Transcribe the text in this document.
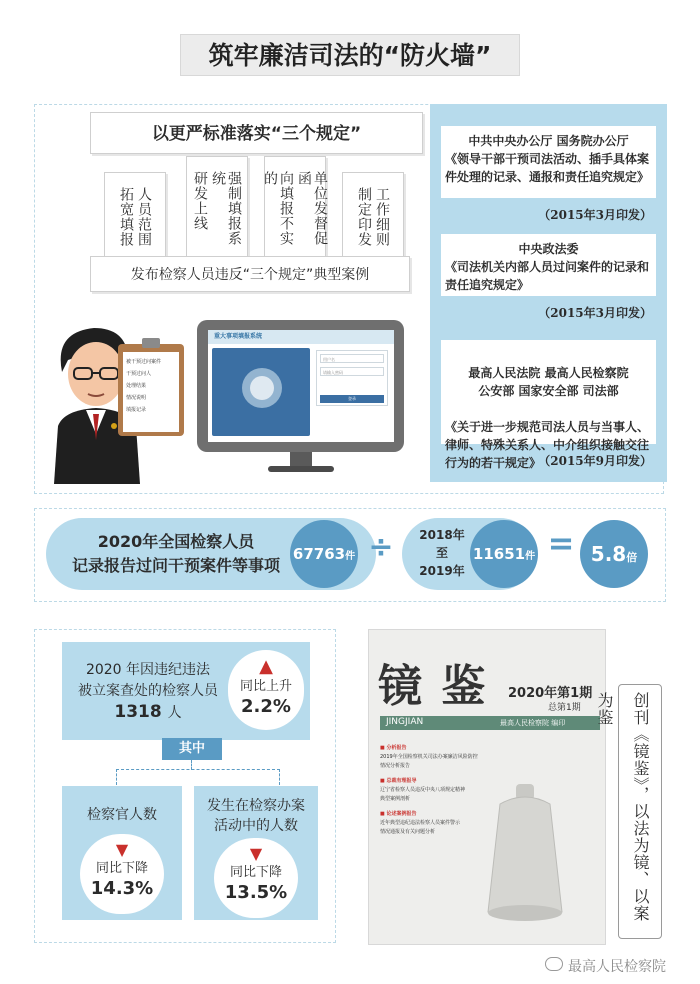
筑牢廉洁司法的“防火墙”
以更严标准落实“三个规定”
人员范围
拓宽填报	强制填报系统
研发上线	单位发督促函
向填报不实的
工作细则
制定印发
发布检察人员违反“三个规定”典型案例
中共中央办公厅 国务院办公厅
《领导干部干预司法活动、插手具体案件处理的记录、通报和责任追究规定》
（2015年3月印发）
中央政法委
《司法机关内部人员过问案件的记录和责任追究规定》
（2015年3月印发）

最高人民法院 最高人民检察院
公安部 国家安全部 司法部

《关于进一步规范司法人员与当事人、律师、特殊关系人、中介组织接触交往行为的若干规定》

（2015年9月印发）
被干预过问案件
干预过问人
处理结果
情况说明
填报记录
重大事项填报系统
用户名
请输入密码
登录
2020年全国检察人员
记录报告过问干预案件等事项
67763件 ÷	2018年
至
2019年
11651件 = 5.8倍
2020 年因违纪违法
被立案查处的检察人员
1318 人
▲
同比上升
2.2%
其中
检察官人数
▼
同比下降
14.3%
发生在检察办案
活动中的人数
▼
同比下降
13.5%
镜 鉴	2020年第1期
总第1期
JINGJIAN	最高人民检察院 编印
■ 分析报告
2019年全国检察机关司法办案廉洁风险防控
情况分析报告
■ 总裁有理报导
辽宁省检察人员违反中央八项规定精神
典型案例剖析
■ 论述案例报告
近年典型违纪违法检察人员案件警示
情况通报及有关问题分析	创刊《镜鉴》，以法为镜、以案为鉴
最高人民检察院
